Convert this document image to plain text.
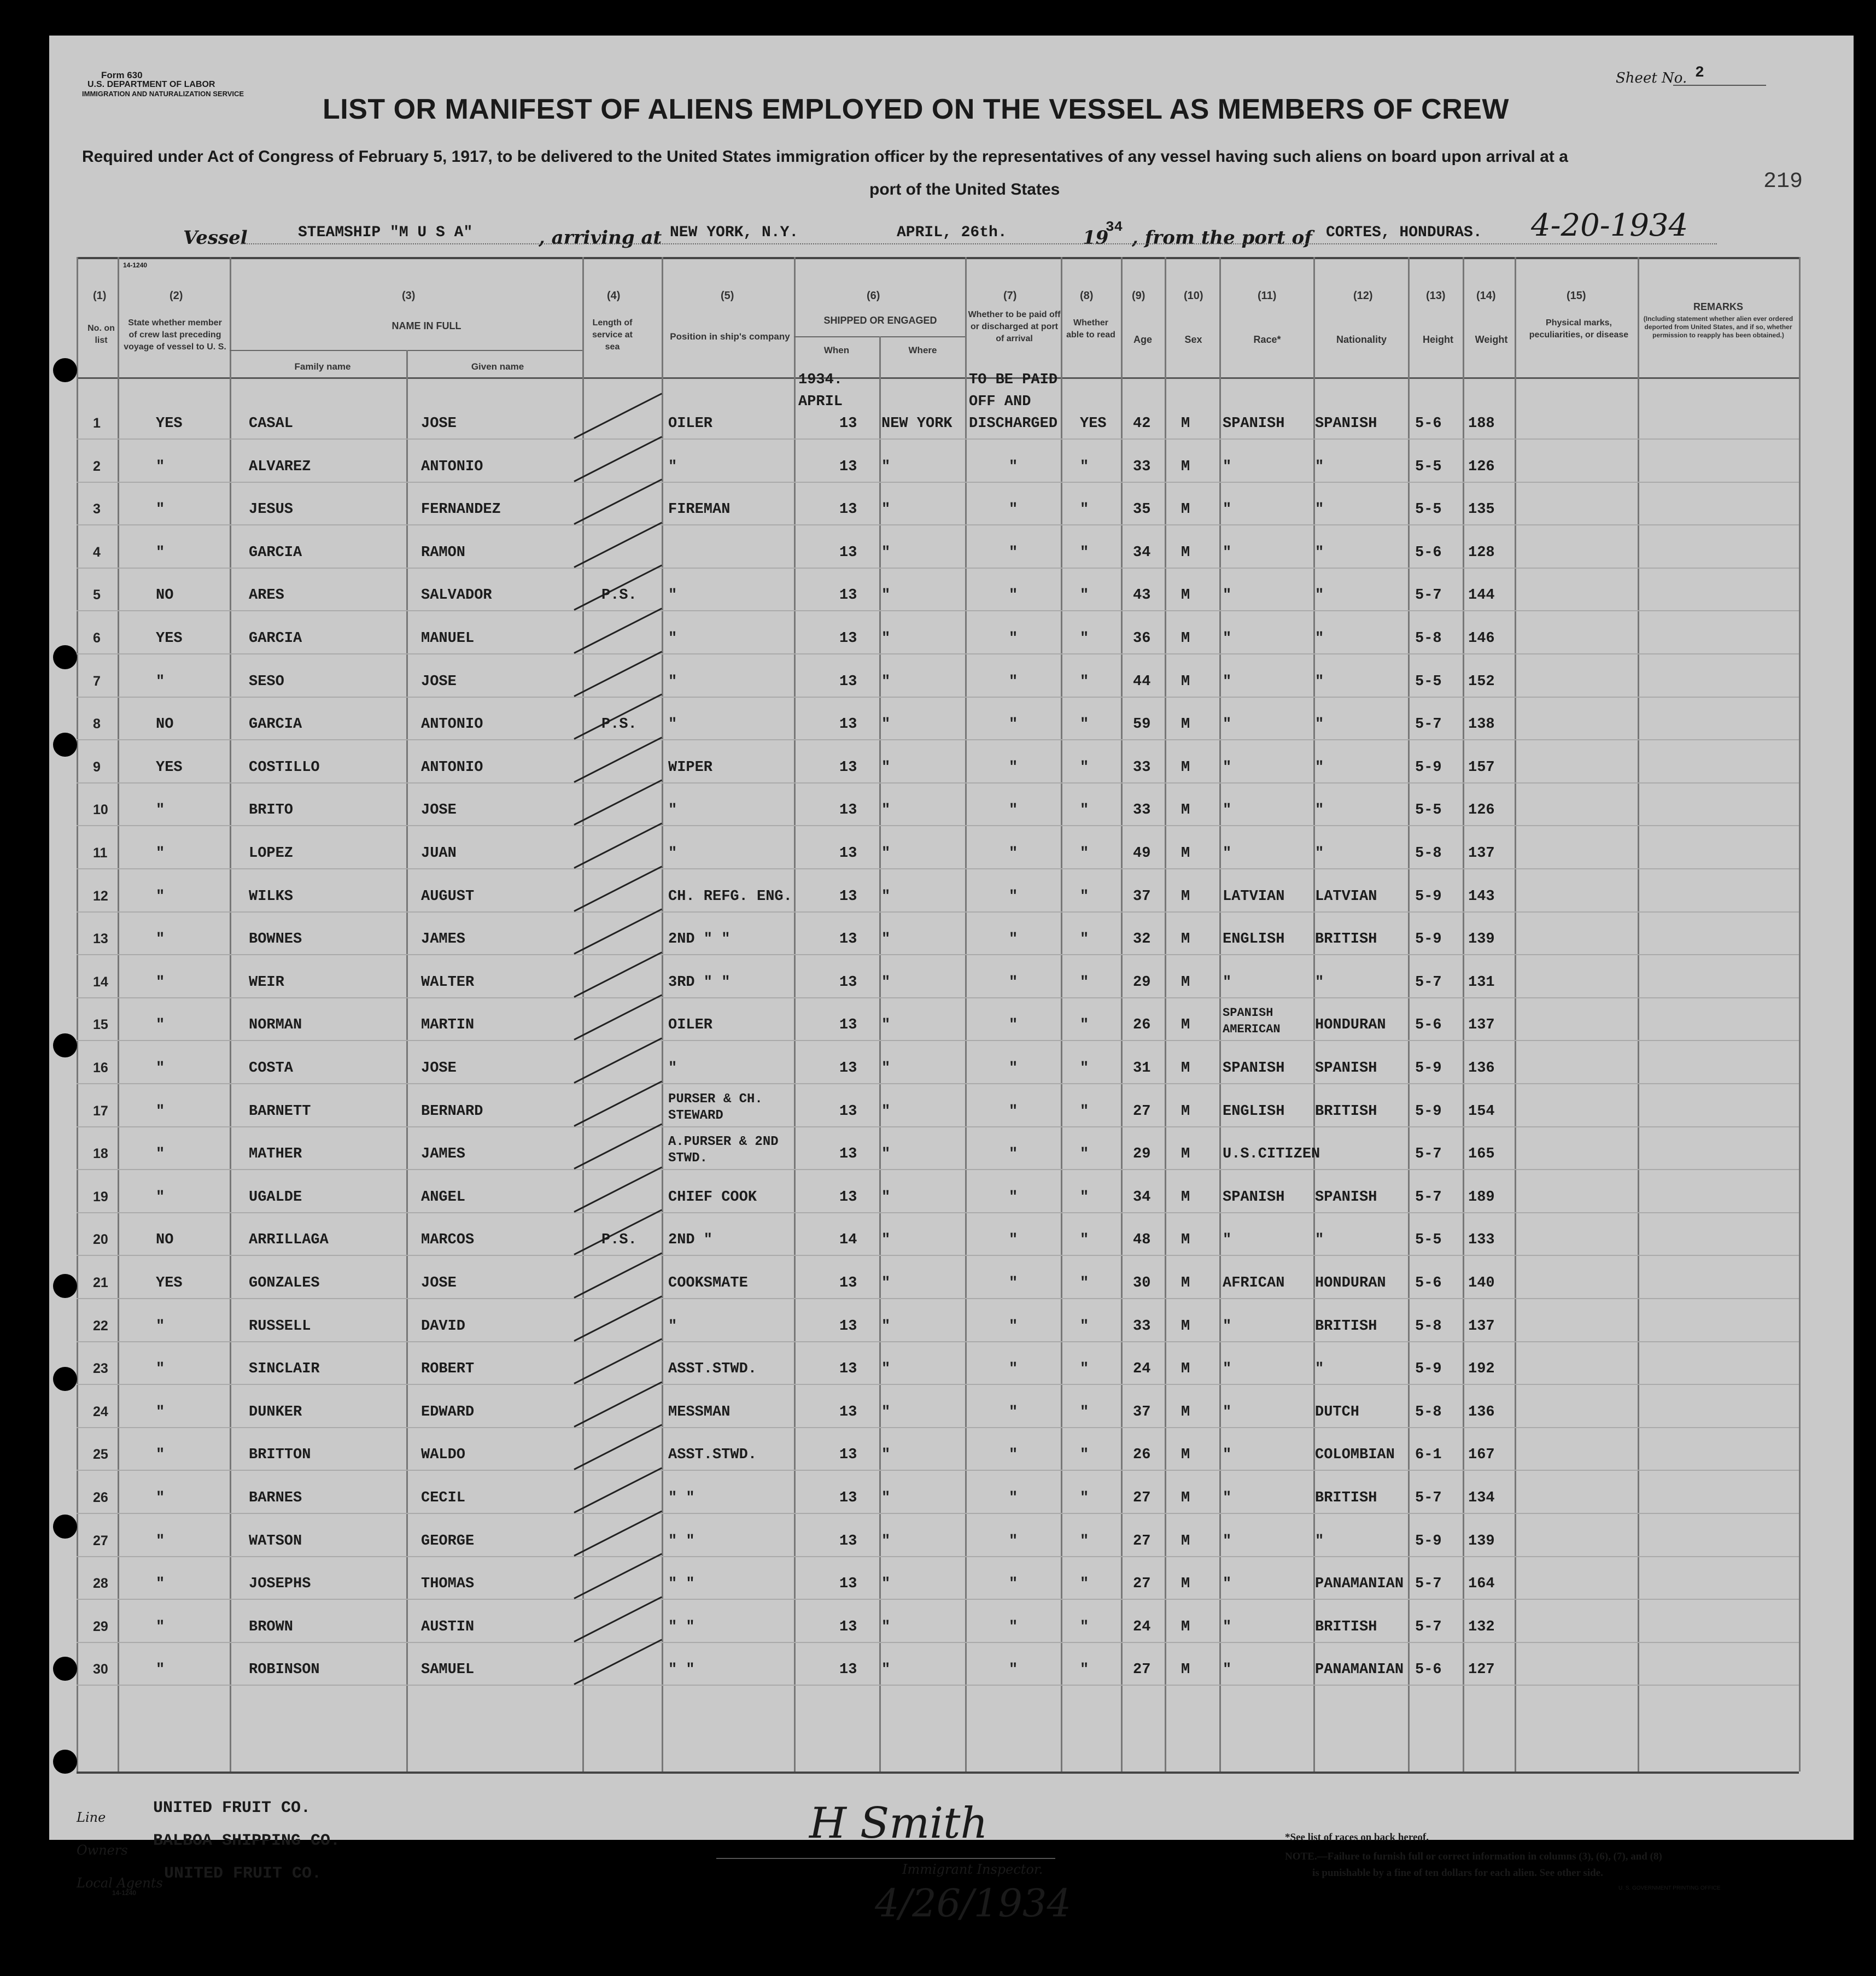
Form 630
U.S. DEPARTMENT OF LABOR
IMMIGRATION AND NATURALIZATION SERVICE
Sheet No. 2
219
LIST OR MANIFEST OF ALIENS EMPLOYED ON THE VESSEL AS MEMBERS OF CREW
Required under Act of Congress of February 5, 1917, to be delivered to the United States immigration officer by the representatives of any vessel having such aliens on board upon arrival at a
port of the United States
Vessel	STEAMSHIP "M U S A"	, arriving at NEW YORK, N.Y.	APRIL, 26th.	19
34 , from the port of CORTES, HONDURAS. 4-20-1934
14-1240
(1)
No. on list
(2)
State whether member of crew last preceding voyage of vessel to U. S.
(3)
NAME IN FULL
Family name	Given name
(4)
Length of service at sea
(5)
Position in ship's company
(6)
SHIPPED OR ENGAGED
When	Where
(7)
Whether to be paid off or discharged at port of arrival
(8)
Whether able to read
(9)
Age
(10)
Sex
(11)
Race*
(12)
Nationality
(13)
Height
(14)
Weight
(15)
Physical marks, peculiarities, or disease
REMARKS
(Including statement whether alien ever ordered deported from United States, and if so, whether permission to reapply has been obtained.)
1934.
APRIL
TO BE PAID
OFF AND
DISCHARGED
1	YES	CASAL	JOSE	OILER	13 NEW YORK	YES 42 M SPANISH SPANISH	5-6 188
2	"	ALVAREZ	ANTONIO	"	13 "	"	"	33 M "	"	5-5 126
3	"	JESUS	FERNANDEZ	FIREMAN	13 "	"	"	35 M "	"	5-5 135
4	"	GARCIA	RAMON	13 "	"	"	34 M "	"	5-6 128
5	NO	ARES	SALVADOR	P.S. "	13 "	"	"	43 M "	"	5-7 144
6	YES	GARCIA	MANUEL	"	13 "	"	"	36 M "	"	5-8 146
7	"	SESO	JOSE	"	13 "	"	"	44 M "	"	5-5 152
8	NO	GARCIA	ANTONIO	P.S. "	13 "	"	"	59 M "	"	5-7 138
9	YES	COSTILLO	ANTONIO	WIPER	13 "	"	"	33 M "	"	5-9 157
10	"	BRITO	JOSE	"	13 "	"	"	33 M "	"	5-5 126
11	"	LOPEZ	JUAN	"	13 "	"	"	49 M "	"	5-8 137
12	"	WILKS	AUGUST	CH. REFG. ENG.	13 "	"	"	37 M LATVIAN LATVIAN	5-9 143
13	"	BOWNES	JAMES	2ND " "	13 "	"	"	32 M ENGLISH BRITISH	5-9 139
14	"	WEIR	WALTER	3RD " "	13 "	"	"	29 M "	"	5-7 131
15	"	NORMAN	MARTIN	OILER	13 "	"	"	26 M
SPANISH AMERICAN	HONDURAN 5-6 137
16	"	COSTA	JOSE	"	13 "	"	"	31 M SPANISH SPANISH	5-9 136
17	"	BARNETT	BERNARD
PURSER & CH. STEWARD	13 "	"	"	27 M ENGLISH BRITISH	5-9 154
18	"	MATHER	JAMES
A.PURSER & 2ND STWD.	13 "	"	"	29 M U.S.CITIZEN	5-7 165
19	"	UGALDE	ANGEL	CHIEF COOK	13 "	"	"	34 M SPANISH SPANISH	5-7 189
20	NO	ARRILLAGA	MARCOS	P.S. 2ND "	14 "	"	"	48 M "	"	5-5 133
21	YES	GONZALES	JOSE	COOKSMATE	13 "	"	"	30 M AFRICAN HONDURAN 5-6 140
22	"	RUSSELL	DAVID	"	13 "	"	"	33 M "	BRITISH	5-8 137
23	"	SINCLAIR	ROBERT	ASST.STWD.	13 "	"	"	24 M "	"	5-9 192
24	"	DUNKER	EDWARD	MESSMAN	13 "	"	"	37 M "	DUTCH	5-8 136
25	"	BRITTON	WALDO	ASST.STWD.	13 "	"	"	26 M "	COLOMBIAN 6-1 167
26	"	BARNES	CECIL	" "	13 "	"	"	27 M "	BRITISH	5-7 134
27	"	WATSON	GEORGE	" "	13 "	"	"	27 M "	"	5-9 139
28	"	JOSEPHS	THOMAS	" "	13 "	"	"	27 M "	PANAMANIAN 5-7 164
29	"	BROWN	AUSTIN	" "	13 "	"	"	24 M "	BRITISH	5-7 132
30	"	ROBINSON	SAMUEL	" "	13 "	"	"	27 M "	PANAMANIAN 5-6 127
Line	UNITED FRUIT CO.
Owners BALBOA SHIPPING CO.
Local Agents UNITED FRUIT CO.
14-1240
H Smith
Immigrant Inspector.
4/26/1934
*See list of races on back hereof.
NOTE.—Failure to furnish full or correct information in columns (3), (6), (7), and (8)
is punishable by a fine of ten dollars for each alien. See other side.
U. S. GOVERNMENT PRINTING OFFICE
